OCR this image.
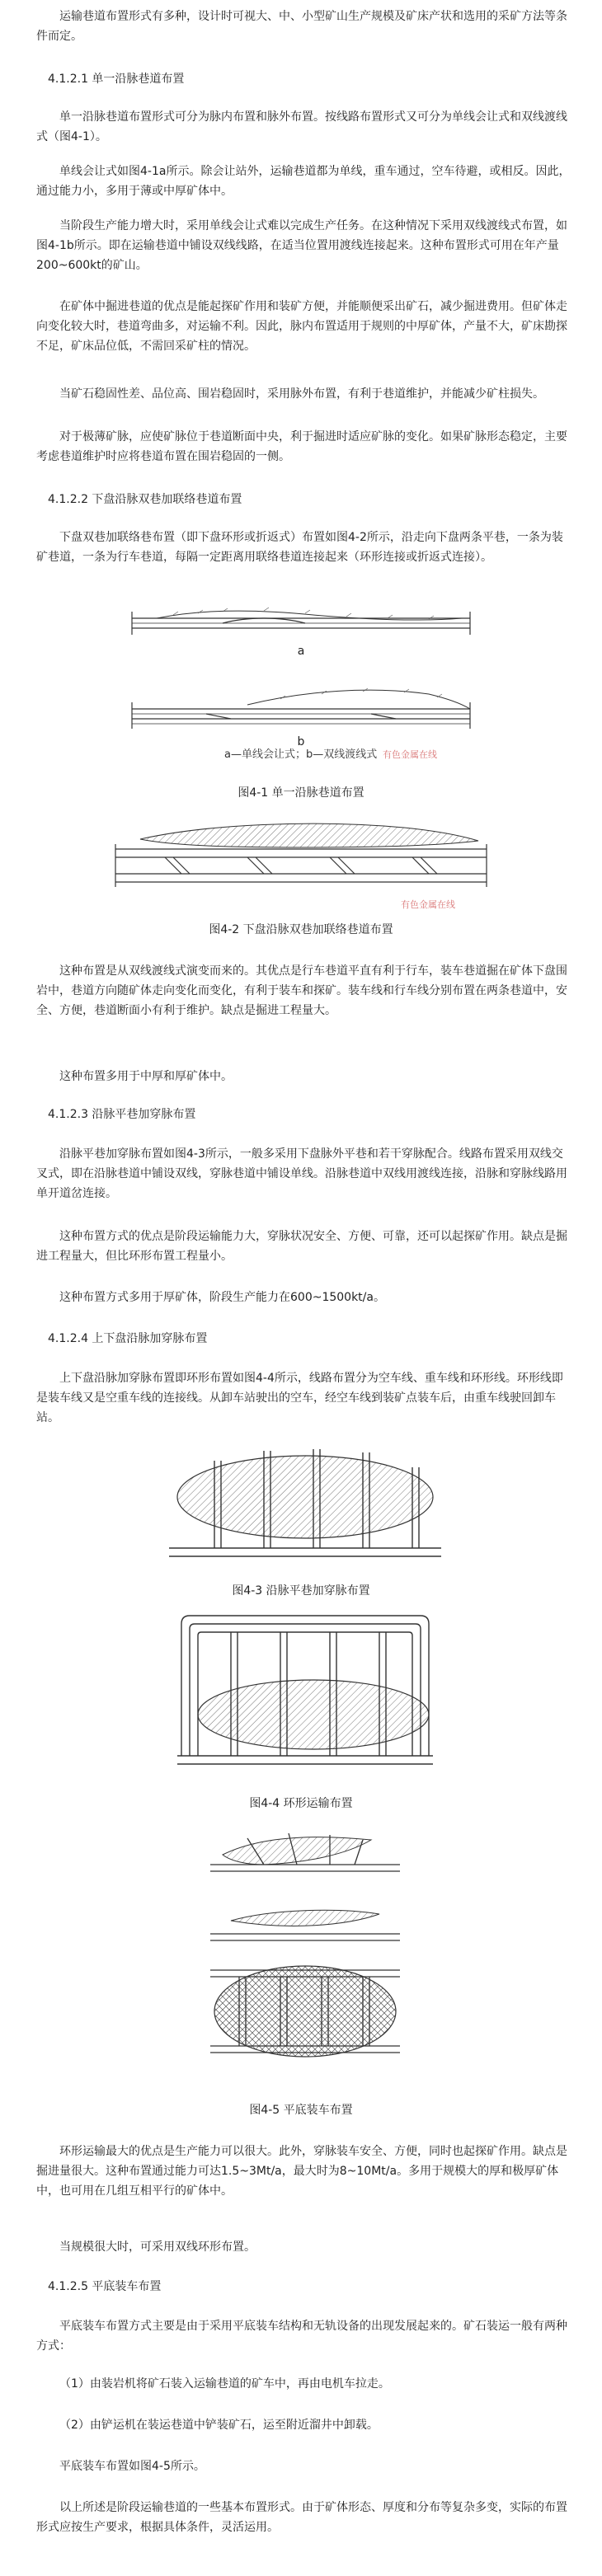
运输巷道布置形式有多种，设计时可视大、中、小型矿山生产规模及矿床产状和选用的采矿方法等条件而定。

4.1.2.1 单一沿脉巷道布置

单一沿脉巷道布置形式可分为脉内布置和脉外布置。按线路布置形式又可分为单线会让式和双线渡线式（图4-1）。

单线会让式如图4-1a所示。除会让站外，运输巷道都为单线，重车通过，空车待避，或相反。因此，通过能力小，多用于薄或中厚矿体中。

当阶段生产能力增大时，采用单线会让式难以完成生产任务。在这种情况下采用双线渡线式布置，如图4-1b所示。即在运输巷道中铺设双线线路，在适当位置用渡线连接起来。这种布置形式可用在年产量200~600kt的矿山。

在矿体中掘进巷道的优点是能起探矿作用和装矿方便，并能顺便采出矿石，减少掘进费用。但矿体走向变化较大时，巷道弯曲多，对运输不利。因此，脉内布置适用于规则的中厚矿体，产量不大，矿床勘探不足，矿床品位低，不需回采矿柱的情况。

当矿石稳固性差、品位高、围岩稳固时，采用脉外布置，有利于巷道维护，并能减少矿柱损失。

对于极薄矿脉，应使矿脉位于巷道断面中央，利于掘进时适应矿脉的变化。如果矿脉形态稳定，主要考虑巷道维护时应将巷道布置在围岩稳固的一侧。

4.1.2.2 下盘沿脉双巷加联络巷道布置

下盘双巷加联络巷布置（即下盘环形或折返式）布置如图4-2所示，沿走向下盘两条平巷，一条为装矿巷道，一条为行车巷道，每隔一定距离用联络巷道连接起来（环形连接或折返式连接）。

a
b

a—单线会让式；b—双线渡线式 有色金属在线

图4-1 单一沿脉巷道布置

有色金属在线

图4-2 下盘沿脉双巷加联络巷道布置

这种布置是从双线渡线式演变而来的。其优点是行车巷道平直有利于行车，装车巷道掘在矿体下盘围岩中，巷道方向随矿体走向变化而变化，有利于装车和探矿。装车线和行车线分别布置在两条巷道中，安全、方便，巷道断面小有利于维护。缺点是掘进工程量大。

这种布置多用于中厚和厚矿体中。

4.1.2.3 沿脉平巷加穿脉布置

沿脉平巷加穿脉布置如图4-3所示，一般多采用下盘脉外平巷和若干穿脉配合。线路布置采用双线交叉式，即在沿脉巷道中铺设双线，穿脉巷道中铺设单线。沿脉巷道中双线用渡线连接，沿脉和穿脉线路用单开道岔连接。

这种布置方式的优点是阶段运输能力大，穿脉状况安全、方便、可靠，还可以起探矿作用。缺点是掘进工程量大，但比环形布置工程量小。

这种布置方式多用于厚矿体，阶段生产能力在600~1500kt/a。

4.1.2.4 上下盘沿脉加穿脉布置

上下盘沿脉加穿脉布置即环形布置如图4-4所示，线路布置分为空车线、重车线和环形线。环形线即是装车线又是空重车线的连接线。从卸车站驶出的空车，经空车线到装矿点装车后，由重车线驶回卸车站。

图4-3 沿脉平巷加穿脉布置

图4-4 环形运输布置

图4-5 平底装车布置

环形运输最大的优点是生产能力可以很大。此外，穿脉装车安全、方便，同时也起探矿作用。缺点是掘进量很大。这种布置通过能力可达1.5~3Mt/a，最大时为8~10Mt/a。多用于规模大的厚和极厚矿体中，也可用在几组互相平行的矿体中。

当规模很大时，可采用双线环形布置。

4.1.2.5 平底装车布置

平底装车布置方式主要是由于采用平底装车结构和无轨设备的出现发展起来的。矿石装运一般有两种方式：

（1）由装岩机将矿石装入运输巷道的矿车中，再由电机车拉走。

（2）由铲运机在装运巷道中铲装矿石，运至附近溜井中卸载。

平底装车布置如图4-5所示。

以上所述是阶段运输巷道的一些基本布置形式。由于矿体形态、厚度和分布等复杂多变，实际的布置形式应按生产要求，根据具体条件，灵活运用。
